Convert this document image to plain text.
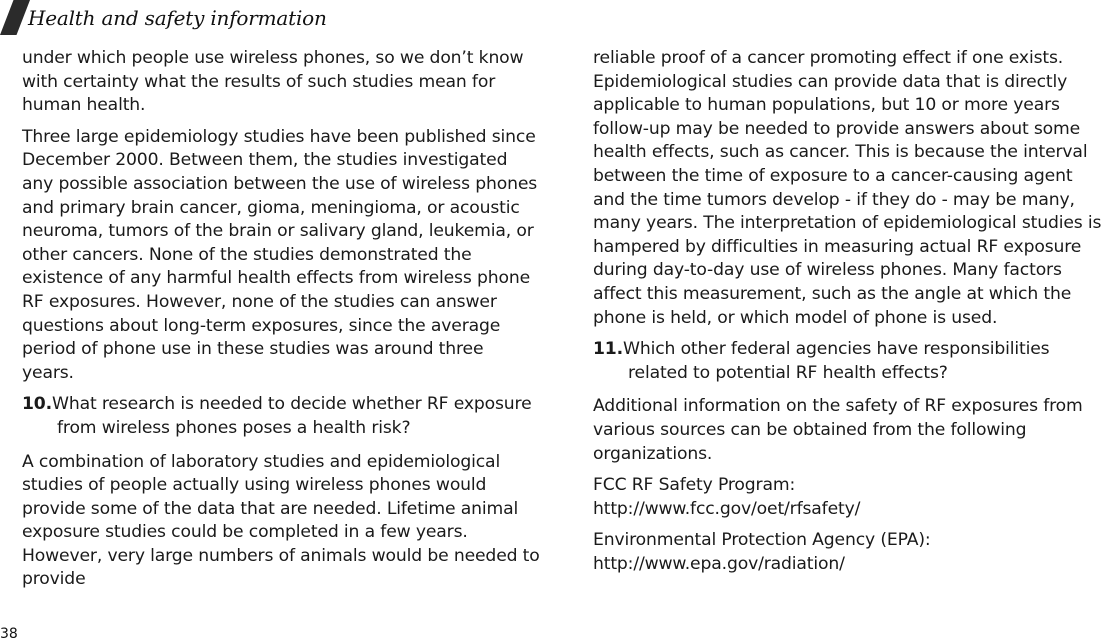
Health and safety information

under which people use wireless phones, so we don’t know with certainty what the results of such studies mean for human health.

Three large epidemiology studies have been published since December 2000. Between them, the studies investigated any possible association between the use of wireless phones and primary brain cancer, gioma, meningioma, or acoustic neuroma, tumors of the brain or salivary gland, leukemia, or other cancers. None of the studies demonstrated the existence of any harmful health effects from wireless phone RF exposures. However, none of the studies can answer questions about long-term exposures, since the average period of phone use in these studies was around three years.

10.What research is needed to decide whether RF exposure from wireless phones poses a health risk?

A combination of laboratory studies and epidemiological studies of people actually using wireless phones would provide some of the data that are needed. Lifetime animal exposure studies could be completed in a few years. However, very large numbers of animals would be needed to provide

reliable proof of a cancer promoting effect if one exists. Epidemiological studies can provide data that is directly applicable to human populations, but 10 or more years follow-up may be needed to provide answers about some health effects, such as cancer. This is because the interval between the time of exposure to a cancer-causing agent and the time tumors develop - if they do - may be many, many years. The interpretation of epidemiological studies is hampered by difficulties in measuring actual RF exposure during day-to-day use of wireless phones. Many factors affect this measurement, such as the angle at which the phone is held, or which model of phone is used.

11.Which other federal agencies have responsibilities related to potential RF health effects?

Additional information on the safety of RF exposures from various sources can be obtained from the following organizations.

FCC RF Safety Program:
http://www.fcc.gov/oet/rfsafety/

Environmental Protection Agency (EPA):
http://www.epa.gov/radiation/

38
